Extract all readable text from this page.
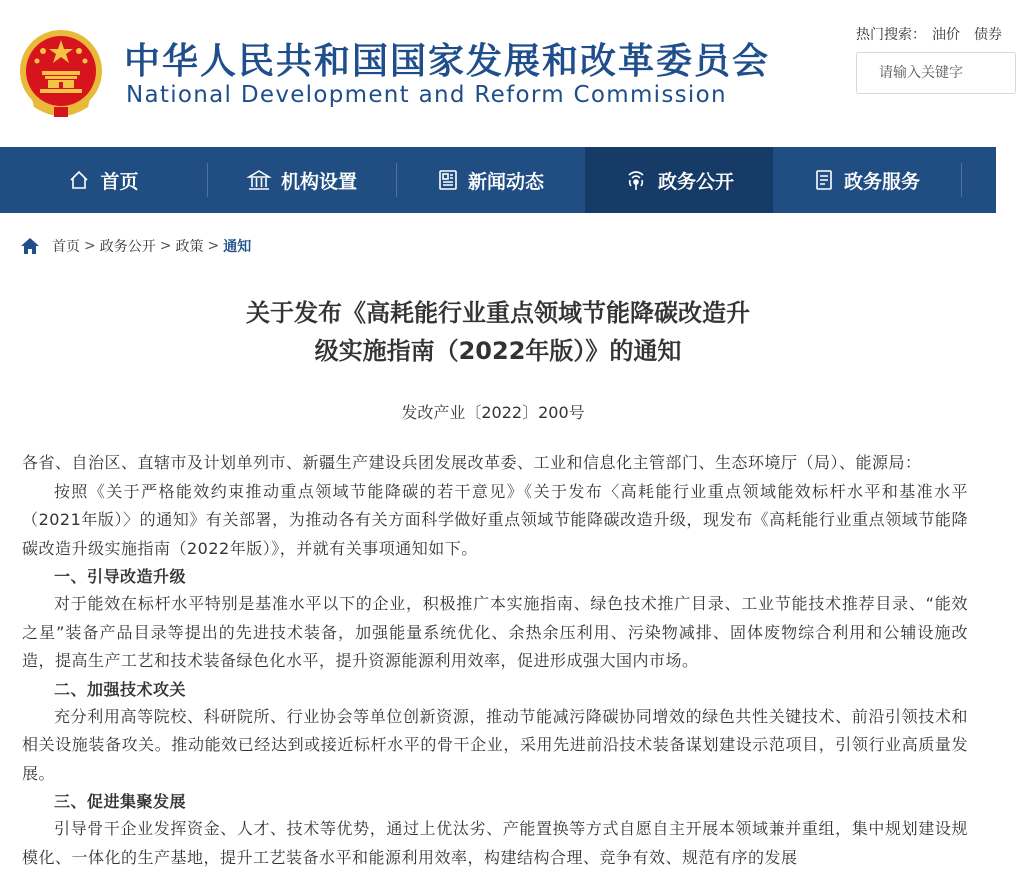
中华人民共和国国家发展和改革委员会
National Development and Reform Commission
热门搜索： 油价 债券
请输入关键字
首页	机构设置	新闻动态	政务公开	政务服务
首页 > 政务公开 > 政策 > 通知
关于发布《高耗能行业重点领域节能降碳改造升
级实施指南（2022年版）》的通知
发改产业〔2022〕200号

各省、自治区、直辖市及计划单列市、新疆生产建设兵团发展改革委、工业和信息化主管部门、生态环境厅（局）、能源局：

按照《关于严格能效约束推动重点领域节能降碳的若干意见》《关于发布〈高耗能行业重点领域能效标杆水平和基准水平（2021年版）〉的通知》有关部署，为推动各有关方面科学做好重点领域节能降碳改造升级，现发布《高耗能行业重点领域节能降碳改造升级实施指南（2022年版）》，并就有关事项通知如下。

一、引导改造升级

对于能效在标杆水平特别是基准水平以下的企业，积极推广本实施指南、绿色技术推广目录、工业节能技术推荐目录、“能效之星”装备产品目录等提出的先进技术装备，加强能量系统优化、余热余压利用、污染物减排、固体废物综合利用和公辅设施改造，提高生产工艺和技术装备绿色化水平，提升资源能源利用效率，促进形成强大国内市场。

二、加强技术攻关

充分利用高等院校、科研院所、行业协会等单位创新资源，推动节能减污降碳协同增效的绿色共性关键技术、前沿引领技术和相关设施装备攻关。推动能效已经达到或接近标杆水平的骨干企业，采用先进前沿技术装备谋划建设示范项目，引领行业高质量发展。

三、促进集聚发展

引导骨干企业发挥资金、人才、技术等优势，通过上优汰劣、产能置换等方式自愿自主开展本领域兼并重组，集中规划建设规模化、一体化的生产基地，提升工艺装备水平和能源利用效率，构建结构合理、竞争有效、规范有序的发展
